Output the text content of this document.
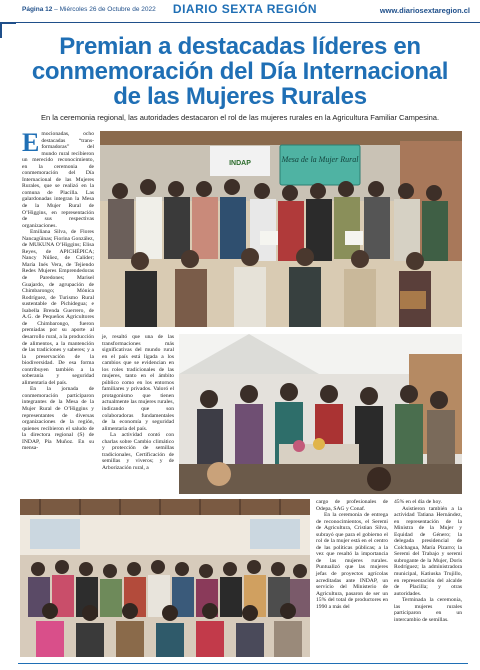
Página 12 – Miércoles 26 de Octubre de 2022 DIARIO SEXTA REGIÓN	www.diariosextaregion.cl
Premian a destacadas líderes en conmemoración del Día Internacional de las Mujeres Rurales
En la ceremonia regional, las autoridades destacaron el rol de las mujeres rurales en la Agricultura Familiar Campesina.
E mocionadas, ocho destacadas “trans-formadoras” del mundo rural recibieron un merecido reconocimiento, en la ceremonia de conmemoración del Día Internacional de las Mujeres Rurales, que se realizó en la comuna de Placilla. Las galardonadas integran la Mesa de la Mujer Rural de O’Higgins, en representación de sus respectivas organizaciones.

Emiliana Silva, de Flores Nancagüinas; Fiorina González, de MUKUNA O’Higgins; Elisa Reyes, de APICHÉPICA; Nancy Núñez, de Calíder; María Inés Vera, de Tejiendo Redes Mujeres Emprendedoras de Paredones; Marisel Guajardo, de agrupación de Chimbarongo; Mónica Rodríguez, de Turismo Rural sustentable de Pichidegua; e Isabella Brenda Guerrero, de A.G. de Pequeños Agricultores de Chimbarongo, fueron premiadas por su aporte al desarrollo rural, a la producción de alimentos, a la mantención de las tradiciones y saberes; y a la preservación de la biodiversidad. De esa forma contribuyen también a la soberanía y seguridad alimentaria del país.

En la jornada de conmemoración participaron integrantes de la Mesa de la Mujer Rural de O’Higgins y representantes de diversas organizaciones de la región, quienes recibieron el saludo de la directora regional (S) de INDAP, Pía Muñoz. En su mensa-

je, resaltó que una de las transformaciones más significativas del mundo rural en el país está ligada a los cambios que se evidencian en los roles tradicionales de las mujeres, tanto en el ámbito público como en los entornos familiares y privados. Valoró el protagonismo que tienen actualmente las mujeres rurales, indicando que son colaboradoras fundamentales de la economía y seguridad alimentaria del país.

La actividad contó con charlas sobre Cambio climático y protección de semillas tradicionales, Certificación de semillas y viveros; y de Arborización rural, a

cargo de profesionales de Odepa, SAG y Conaf.

En la ceremonia de entrega de reconocimientos, el Seremi de Agricultura, Cristian Silva, subrayó que para el gobierno el rol de la mujer está en el centro de las políticas públicas; a la vez que resaltó la importancia de las mujeres rurales. Puntualizó que las mujeres jefas de proyectos agrícolas acreditadas ante INDAP, un servicio del Ministerio de Agricultura, pasaron de ser un 15% del total de productores en 1990 a más del

45% en el día de hoy.

Asistieron también a la actividad Tatiana Hernández, en representación de la Ministra de la Mujer y Equidad de Género; la delegada presidencial de Colchagua, María Pizarro; la Seremi del Trabajo y seremi subrogante de la Mujer, Doris Rodríguez; la administradora municipal, Katiuska Trujillo, en representación del alcalde de Placilla; y otras autoridades.

Terminada la ceremonia, las mujeres rurales participaron en un intercambio de semillas.

Mesa de la Mujer Rural
INDAP
